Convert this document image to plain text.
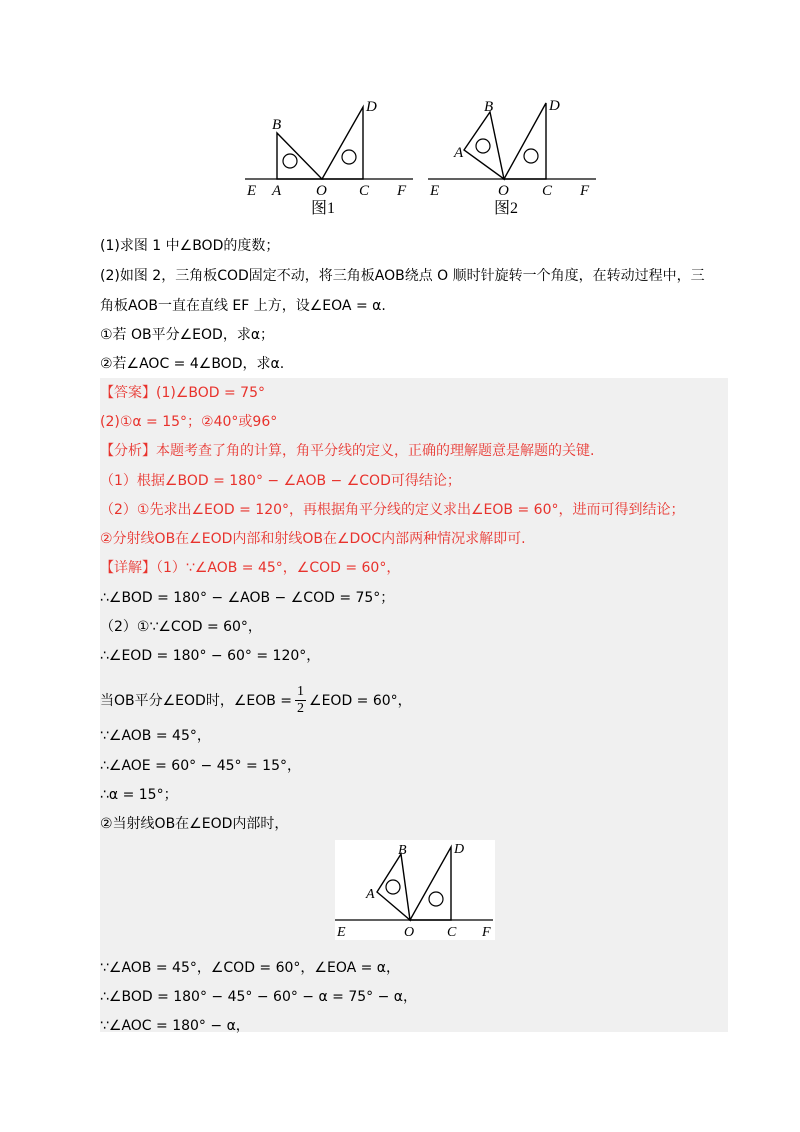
B
D
E A O C F
图1
B
A
D
E	O C F
图2
(1)求图 1 中∠BOD的度数；
(2)如图 2，三角板COD固定不动，将三角板AOB绕点 O 顺时针旋转一个角度，在转动过程中，三
角板AOB一直在直线 EF 上方，设∠EOA = α.
①若 OB平分∠EOD，求α；
②若∠AOC = 4∠BOD，求α.
【答案】(1)∠BOD = 75°
(2)①α = 15°；②40°或96°
【分析】本题考查了角的计算，角平分线的定义，正确的理解题意是解题的关键.
（1）根据∠BOD = 180° − ∠AOB − ∠COD可得结论；
（2）①先求出∠EOD = 120°，再根据角平分线的定义求出∠EOB = 60°，进而可得到结论；
②分射线OB在∠EOD内部和射线OB在∠DOC内部两种情况求解即可.
【详解】（1）∵∠AOB = 45°，∠COD = 60°，
∴∠BOD = 180° − ∠AOB − ∠COD = 75°；
（2）①∵∠COD = 60°，
∴∠EOD = 180° − 60° = 120°，
当OB平分∠EOD时，∠EOB = $\frac{1}{2}$ ∠EOD = 60°，
∵∠AOB = 45°，
∴∠AOE = 60° − 45° = 15°，
∴α = 15°；
②当射线OB在∠EOD内部时，
B
A
D
E	O C F
∵∠AOB = 45°，∠COD = 60°，∠EOA = α，
∴∠BOD = 180° − 45° − 60° − α = 75° − α，
∵∠AOC = 180° − α，
